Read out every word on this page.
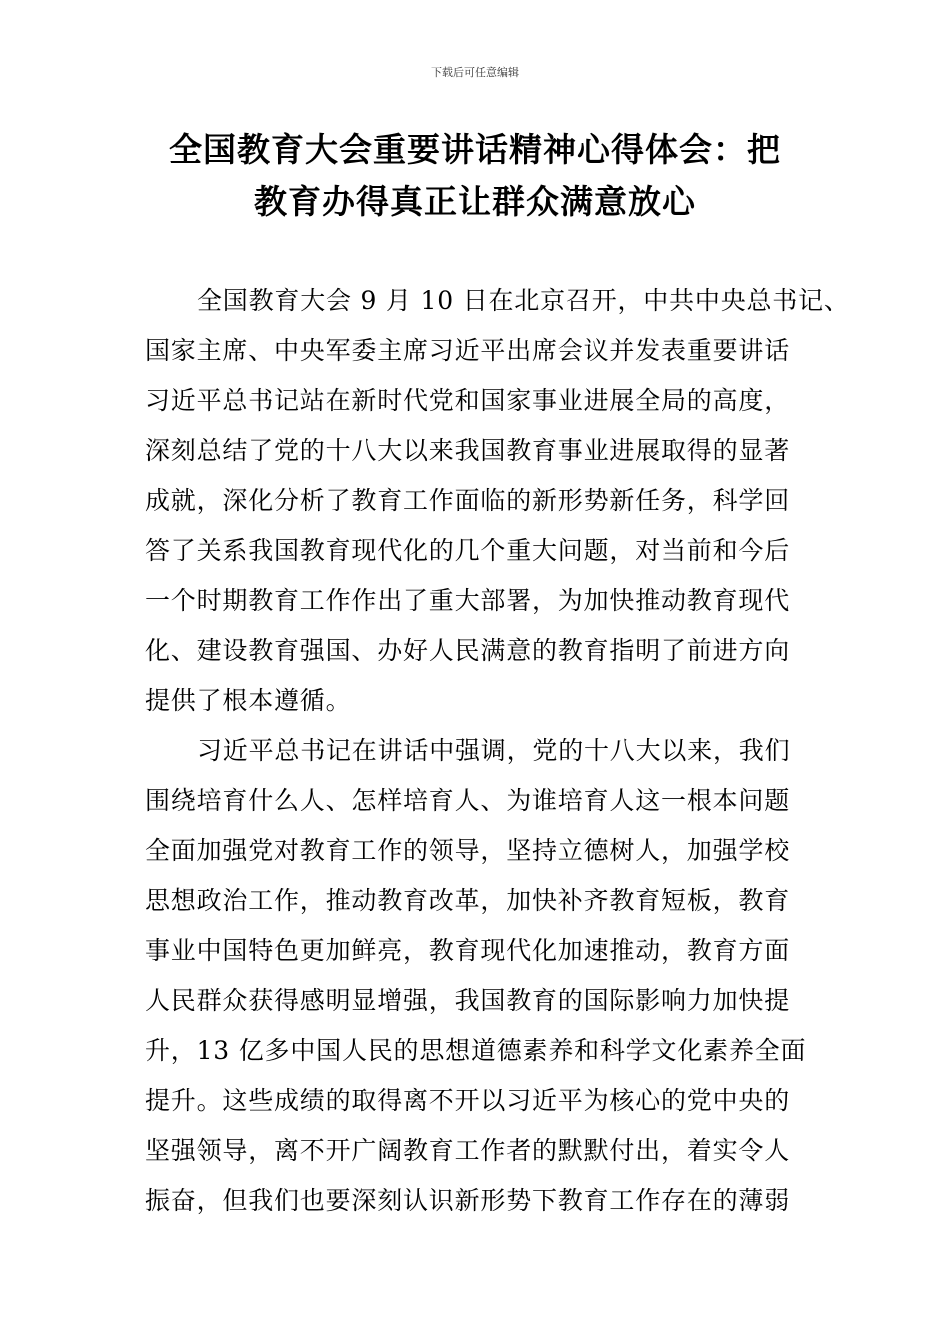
下载后可任意编辑
全国教育大会重要讲话精神心得体会：把
教育办得真正让群众满意放心
全国教育大会 9 月 10 日在北京召开，中共中央总书记、
国家主席、中央军委主席习近平出席会议并发表重要讲话
习近平总书记站在新时代党和国家事业进展全局的高度，
深刻总结了党的十八大以来我国教育事业进展取得的显著
成就，深化分析了教育工作面临的新形势新任务，科学回
答了关系我国教育现代化的几个重大问题，对当前和今后
一个时期教育工作作出了重大部署，为加快推动教育现代
化、建设教育强国、办好人民满意的教育指明了前进方向
提供了根本遵循。
习近平总书记在讲话中强调，党的十八大以来，我们
围绕培育什么人、怎样培育人、为谁培育人这一根本问题
全面加强党对教育工作的领导，坚持立德树人，加强学校
思想政治工作，推动教育改革，加快补齐教育短板，教育
事业中国特色更加鲜亮，教育现代化加速推动，教育方面
人民群众获得感明显增强，我国教育的国际影响力加快提
升，13 亿多中国人民的思想道德素养和科学文化素养全面
提升。这些成绩的取得离不开以习近平为核心的党中央的
坚强领导，离不开广阔教育工作者的默默付出，着实令人
振奋，但我们也要深刻认识新形势下教育工作存在的薄弱
